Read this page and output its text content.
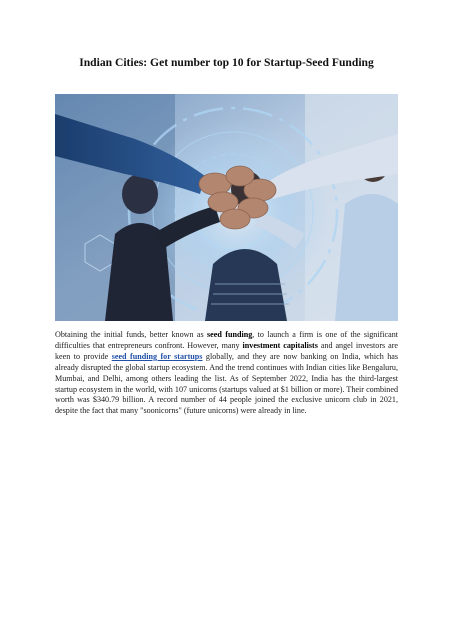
Indian Cities: Get number top 10 for Startup-Seed Funding

Obtaining the initial funds, better known as seed funding, to launch a firm is one of the significant difficulties that entrepreneurs confront. However, many investment capitalists and angel investors are keen to provide seed funding for startups globally, and they are now banking on India, which has already disrupted the global startup ecosystem. And the trend continues with Indian cities like Bengaluru, Mumbai, and Delhi, among others leading the list. As of September 2022, India has the third-largest startup ecosystem in the world, with 107 unicorns (startups valued at $1 billion or more). Their combined worth was $340.79 billion. A record number of 44 people joined the exclusive unicorn club in 2021, despite the fact that many "soonicorns" (future unicorns) were already in line.
